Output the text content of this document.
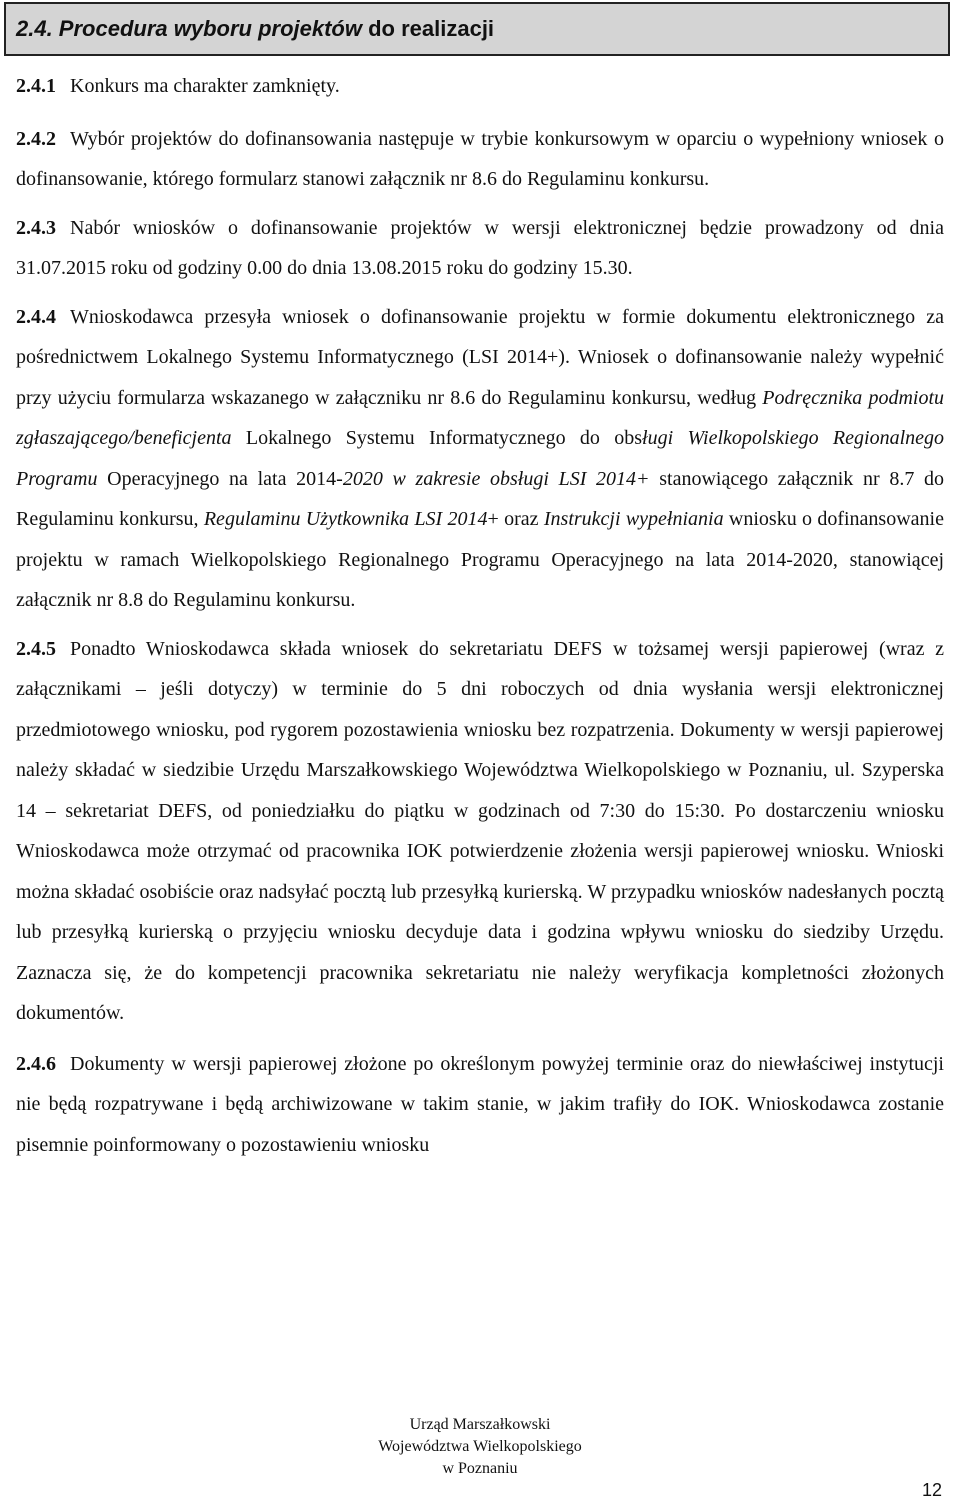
2.4. Procedura wyboru projektów do realizacji

2.4.1 Konkurs ma charakter zamknięty.

2.4.2 Wybór projektów do dofinansowania następuje w trybie konkursowym w oparciu o wypełniony wniosek o dofinansowanie, którego formularz stanowi załącznik nr 8.6 do Regulaminu konkursu.

2.4.3 Nabór wniosków o dofinansowanie projektów w wersji elektronicznej będzie prowadzony od dnia 31.07.2015 roku od godziny 0.00 do dnia 13.08.2015 roku do godziny 15.30.

2.4.4 Wnioskodawca przesyła wniosek o dofinansowanie projektu w formie dokumentu elektronicznego za pośrednictwem Lokalnego Systemu Informatycznego (LSI 2014+). Wniosek o dofinansowanie należy wypełnić przy użyciu formularza wskazanego w załączniku nr 8.6 do Regulaminu konkursu, według Podręcznika podmiotu zgłaszającego/beneficjenta Lokalnego Systemu Informatycznego do obsługi Wielkopolskiego Regionalnego Programu Operacyjnego na lata 2014-2020 w zakresie obsługi LSI 2014+ stanowiącego załącznik nr 8.7 do Regulaminu konkursu, Regulaminu Użytkownika LSI 2014+ oraz Instrukcji wypełniania wniosku o dofinansowanie projektu w ramach Wielkopolskiego Regionalnego Programu Operacyjnego na lata 2014-2020, stanowiącej załącznik nr 8.8 do Regulaminu konkursu.

2.4.5 Ponadto Wnioskodawca składa wniosek do sekretariatu DEFS w tożsamej wersji papierowej (wraz z załącznikami – jeśli dotyczy) w terminie do 5 dni roboczych od dnia wysłania wersji elektronicznej przedmiotowego wniosku, pod rygorem pozostawienia wniosku bez rozpatrzenia. Dokumenty w wersji papierowej należy składać w siedzibie Urzędu Marszałkowskiego Województwa Wielkopolskiego w Poznaniu, ul. Szyperska 14 – sekretariat DEFS, od poniedziałku do piątku w godzinach od 7:30 do 15:30. Po dostarczeniu wniosku Wnioskodawca może otrzymać od pracownika IOK potwierdzenie złożenia wersji papierowej wniosku. Wnioski można składać osobiście oraz nadsyłać pocztą lub przesyłką kurierską. W przypadku wniosków nadesłanych pocztą lub przesyłką kurierską o przyjęciu wniosku decyduje data i godzina wpływu wniosku do siedziby Urzędu. Zaznacza się, że do kompetencji pracownika sekretariatu nie należy weryfikacja kompletności złożonych dokumentów.

2.4.6 Dokumenty w wersji papierowej złożone po określonym powyżej terminie oraz do niewłaściwej instytucji nie będą rozpatrywane i będą archiwizowane w takim stanie, w jakim trafiły do IOK. Wnioskodawca zostanie pisemnie poinformowany o pozostawieniu wniosku

Urząd Marszałkowski
Województwa Wielkopolskiego
w Poznaniu
12
